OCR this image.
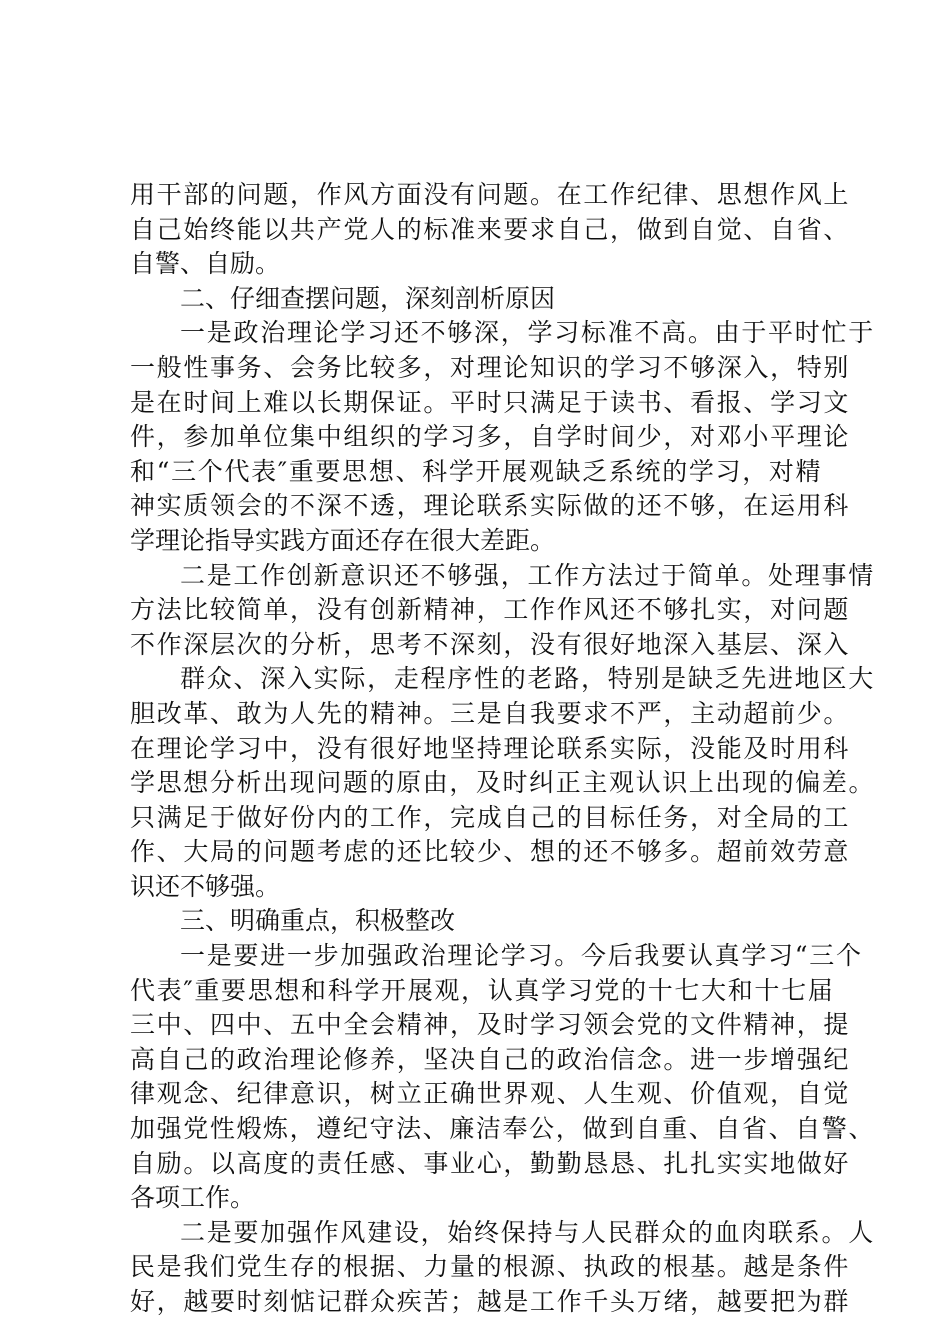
用干部的问题，作风方面没有问题。在工作纪律、思想作风上
自己始终能以共产党人的标准来要求自己，做到自觉、自省、
自警、自励。
二、仔细查摆问题，深刻剖析原因
一是政治理论学习还不够深，学习标准不高。由于平时忙于
一般性事务、会务比较多，对理论知识的学习不够深入，特别
是在时间上难以长期保证。平时只满足于读书、看报、学习文
件，参加单位集中组织的学习多，自学时间少，对邓小平理论
和“三个代表″重要思想、科学开展观缺乏系统的学习，对精
神实质领会的不深不透，理论联系实际做的还不够，在运用科
学理论指导实践方面还存在很大差距。
二是工作创新意识还不够强，工作方法过于简单。处理事情
方法比较简单，没有创新精神，工作作风还不够扎实，对问题
不作深层次的分析，思考不深刻，没有很好地深入基层、深入
群众、深入实际，走程序性的老路，特别是缺乏先进地区大
胆改革、敢为人先的精神。三是自我要求不严，主动超前少。
在理论学习中，没有很好地坚持理论联系实际，没能及时用科
学思想分析出现问题的原由，及时纠正主观认识上出现的偏差。
只满足于做好份内的工作，完成自己的目标任务，对全局的工
作、大局的问题考虑的还比较少、想的还不够多。超前效劳意
识还不够强。
三、明确重点，积极整改
一是要进一步加强政治理论学习。今后我要认真学习“三个
代表″重要思想和科学开展观，认真学习党的十七大和十七届
三中、四中、五中全会精神，及时学习领会党的文件精神，提
高自己的政治理论修养，坚决自己的政治信念。进一步增强纪
律观念、纪律意识，树立正确世界观、人生观、价值观，自觉
加强党性煅炼，遵纪守法、廉洁奉公，做到自重、自省、自警、
自励。以高度的责任感、事业心，勤勤恳恳、扎扎实实地做好
各项工作。
二是要加强作风建设，始终保持与人民群众的血肉联系。人
民是我们党生存的根据、力量的根源、执政的根基。越是条件
好，越要时刻惦记群众疾苦；越是工作千头万绪，越要把为群
